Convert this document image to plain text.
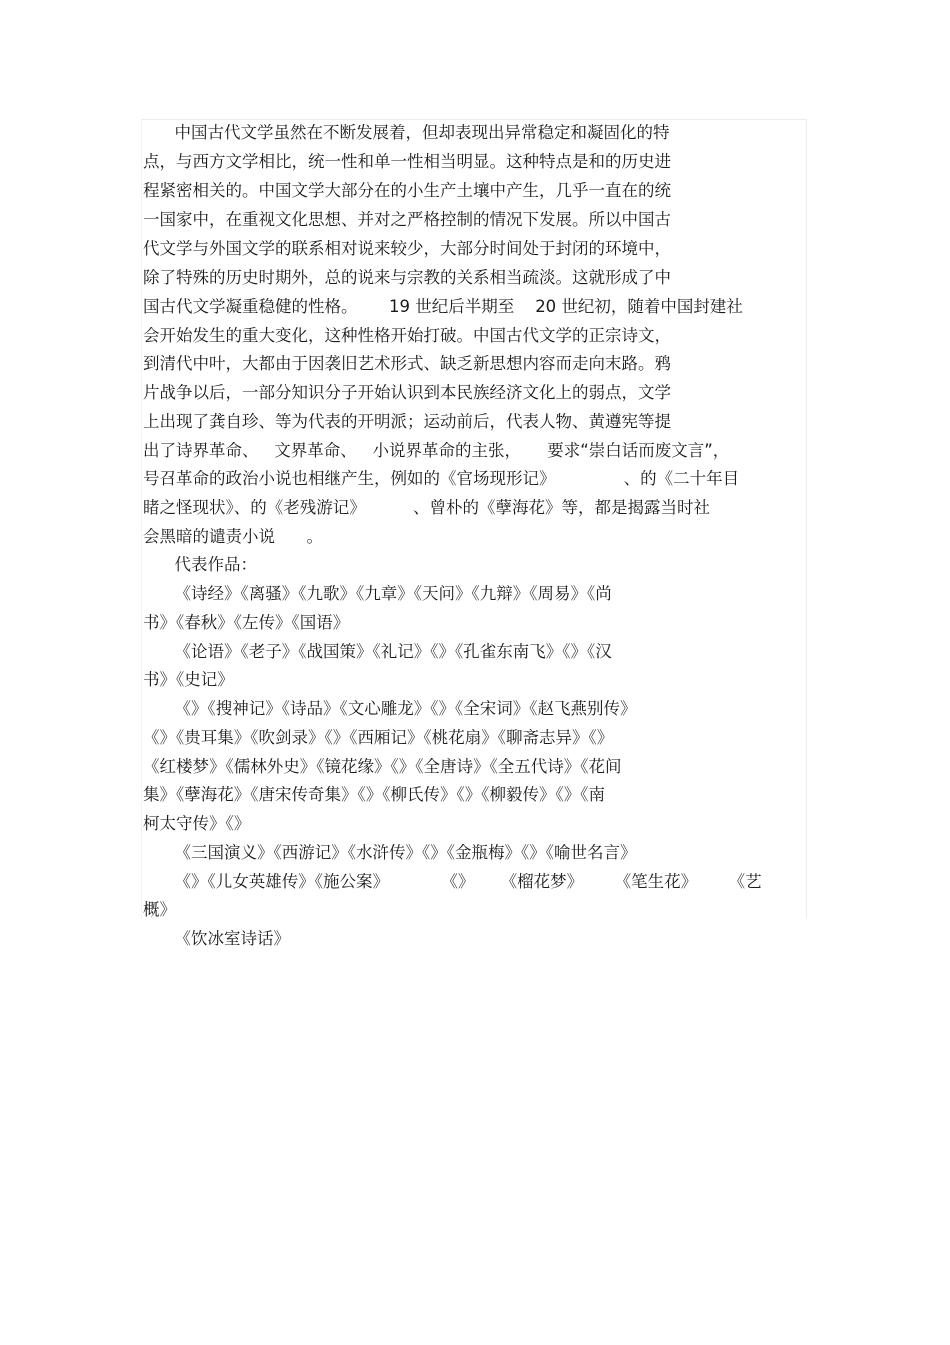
中国古代文学虽然在不断发展着，但却表现出异常稳定和凝固化的特
点，与西方文学相比，统一性和单一性相当明显。这种特点是和的历史进
程紧密相关的。中国文学大部分在的小生产土壤中产生，几乎一直在的统
一国家中，在重视文化思想、并对之严格控制的情况下发展。所以中国古
代文学与外国文学的联系相对说来较少，大部分时间处于封闭的环境中，
除了特殊的历史时期外，总的说来与宗教的关系相当疏淡。这就形成了中
国古代文学凝重稳健的性格。      19 世纪后半期至    20 世纪初，随着中国封建社
会开始发生的重大变化，这种性格开始打破。中国古代文学的正宗诗文，
到清代中叶，大都由于因袭旧艺术形式、缺乏新思想内容而走向末路。鸦
片战争以后，一部分知识分子开始认识到本民族经济文化上的弱点，文学
上出现了龚自珍、等为代表的开明派；运动前后，代表人物、黄遵宪等提
出了诗界革命、   文界革命、   小说界革命的主张，     要求“崇白话而废文言”，
号召革命的政治小说也相继产生，例如的《官场现形记》             、的《二十年目
睹之怪现状》、的《老残游记》         、曾朴的《孽海花》等，都是揭露当时社
会黑暗的谴责小说      。
代表作品：
《诗经》《离骚》《九歌》《九章》《天问》《九辩》《周易》《尚
书》《春秋》《左传》《国语》
《论语》《老子》《战国策》《礼记》《》《孔雀东南飞》《》《汉
书》《史记》
《》《搜神记》《诗品》《文心雕龙》《》《全宋词》《赵飞燕别传》
《》《贵耳集》《吹剑录》《》《西厢记》《桃花扇》《聊斋志异》《》
《红楼梦》《儒林外史》《镜花缘》《》《全唐诗》《全五代诗》《花间
集》《孽海花》《唐宋传奇集》《》《柳氏传》《》《柳毅传》《》《南
柯太守传》《》
《三国演义》《西游记》《水浒传》《》《金瓶梅》《》《喻世名言》
《》《儿女英雄传》《施公案》          《》     《榴花梦》      《笔生花》      《艺
概》
《饮冰室诗话》
